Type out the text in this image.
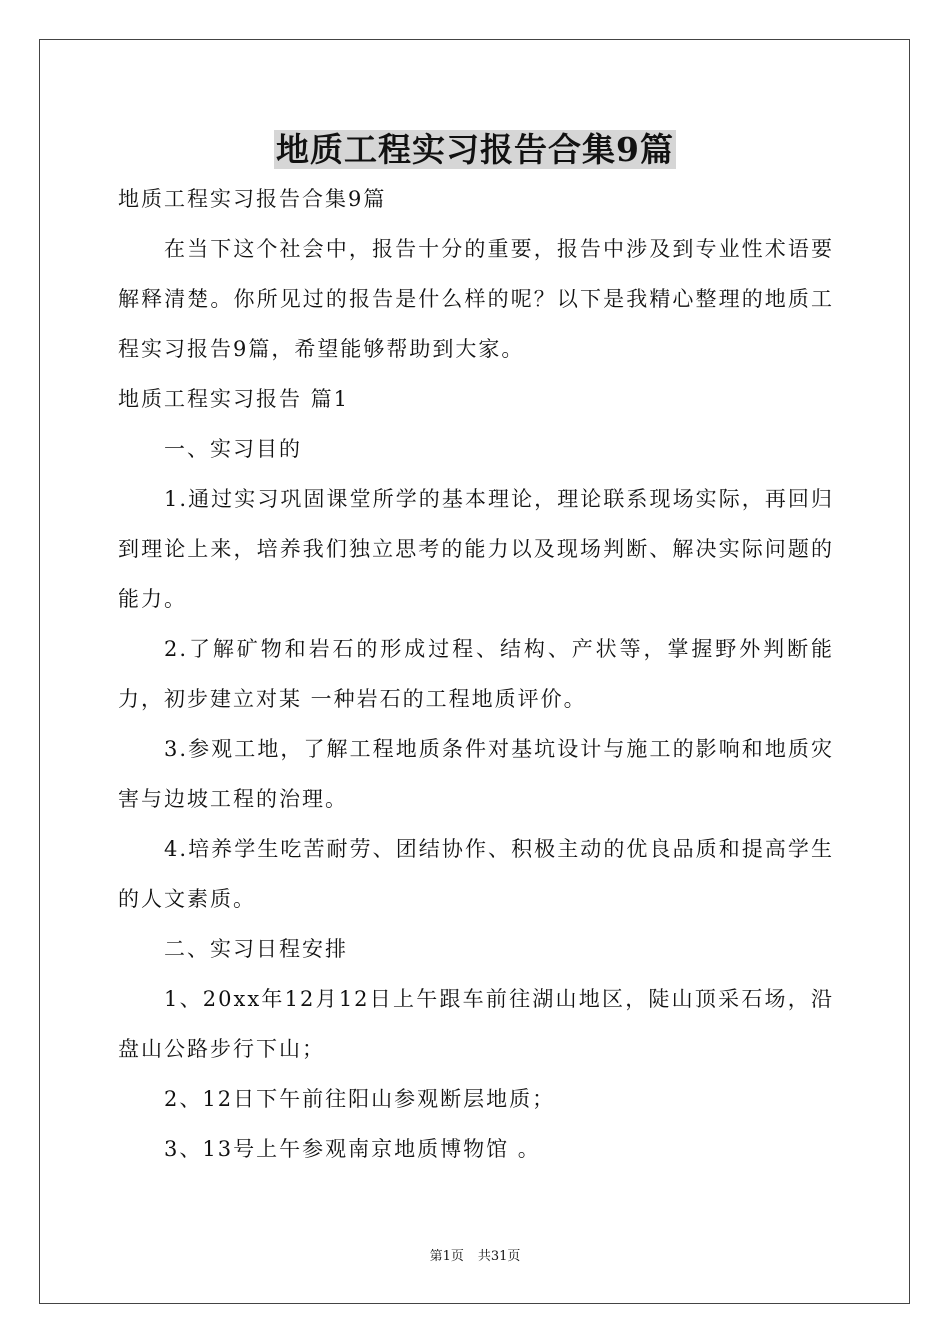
地质工程实习报告合集9篇

地质工程实习报告合集9篇

在当下这个社会中，报告十分的重要，报告中涉及到专业性术语要解释清楚。你所见过的报告是什么样的呢？以下是我精心整理的地质工程实习报告9篇，希望能够帮助到大家。

地质工程实习报告 篇1

一、实习目的

1.通过实习巩固课堂所学的基本理论，理论联系现场实际，再回归到理论上来，培养我们独立思考的能力以及现场判断、解决实际问题的能力。

2.了解矿物和岩石的形成过程、结构、产状等，掌握野外判断能力，初步建立对某 一种岩石的工程地质评价。

3.参观工地，了解工程地质条件对基坑设计与施工的影响和地质灾害与边坡工程的治理。

4.培养学生吃苦耐劳、团结协作、积极主动的优良品质和提高学生的人文素质。

二、实习日程安排

1、20xx年12月12日上午跟车前往湖山地区，陡山顶采石场，沿盘山公路步行下山；

2、12日下午前往阳山参观断层地质；

3、13号上午参观南京地质博物馆 。

第1页 共31页
